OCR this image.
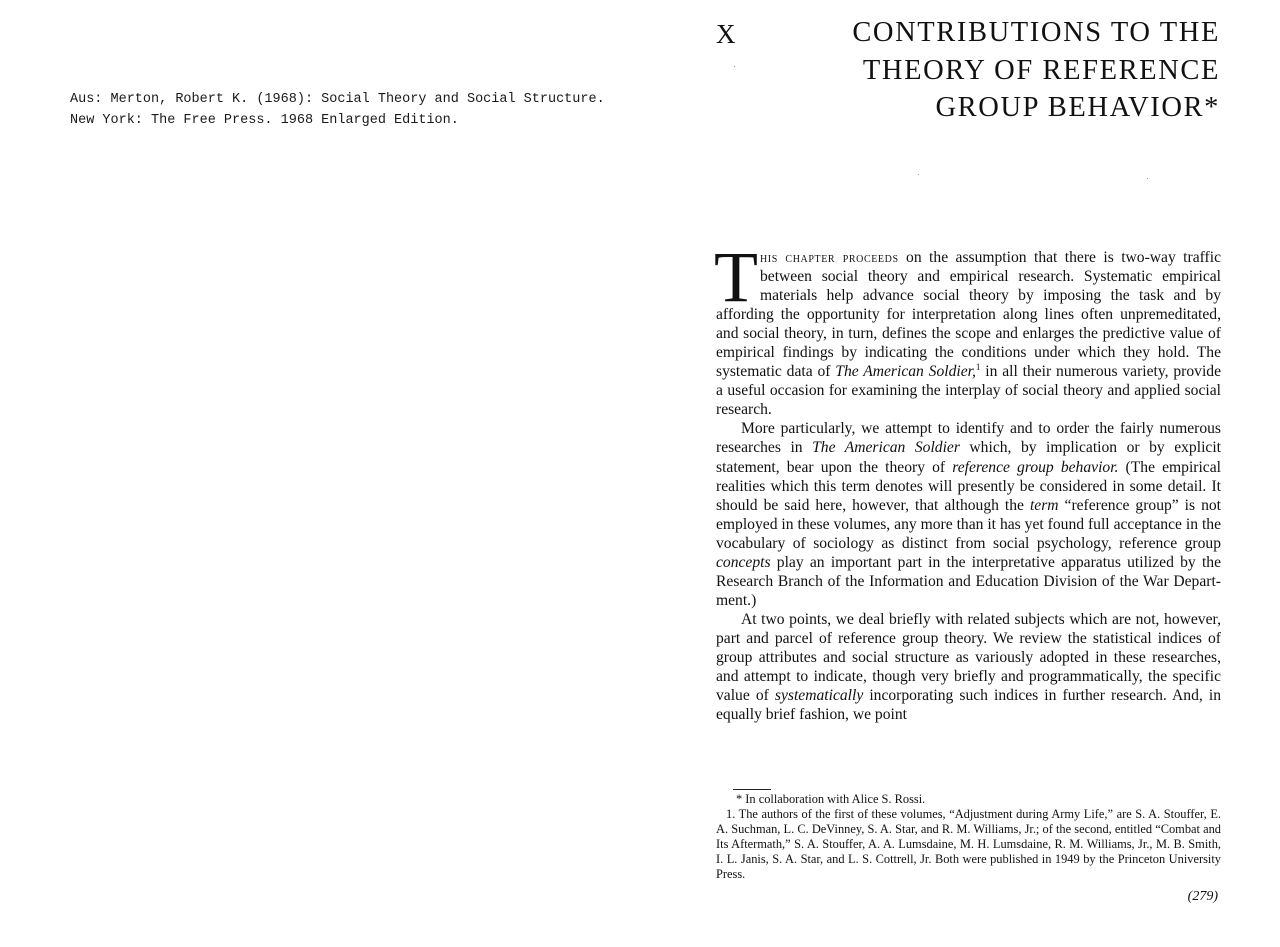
Aus: Merton, Robert K. (1968): Social Theory and Social Structure.
New York: The Free Press. 1968 Enlarged Edition.
X	CONTRIBUTIONS TO THE
THEORY OF REFERENCE
GROUP BEHAVIOR*

This chapter proceeds on the assumption that there is two-way traffic between social theory and empirical research. Systematic empirical materials help advance social theory by imposing the task and by affording the opportunity for interpretation along lines often unpremeditated, and social theory, in turn, defines the scope and enlarges the predictive value of empirical findings by indicating the conditions under which they hold. The systematic data of The American Soldier,$^1$ in all their numerous variety, provide a useful occasion for examining the interplay of social theory and applied social research.

More particularly, we attempt to identify and to order the fairly numerous researches in The American Soldier which, by implication or by explicit statement, bear upon the theory of reference group behavior. (The empirical realities which this term denotes will presently be considered in some detail. It should be said here, however, that although the term “reference group” is not employed in these volumes, any more than it has yet found full acceptance in the vocabulary of sociology as distinct from social psychology, reference group concepts play an important part in the interpretative apparatus utilized by the Research Branch of the Information and Education Division of the War Department.)

At two points, we deal briefly with related subjects which are not, however, part and parcel of reference group theory. We review the statistical indices of group attributes and social structure as variously adopted in these researches, and attempt to indicate, though very briefly and programmatically, the specific value of systematically incorporating such indices in further research. And, in equally brief fashion, we point

* In collaboration with Alice S. Rossi.

1. The authors of the first of these volumes, “Adjustment during Army Life,” are S. A. Stouffer, E. A. Suchman, L. C. DeVinney, S. A. Star, and R. M. Williams, Jr.; of the second, entitled “Combat and Its Aftermath,” S. A. Stouffer, A. A. Lumsdaine, M. H. Lumsdaine, R. M. Williams, Jr., M. B. Smith, I. L. Janis, S. A. Star, and L. S. Cottrell, Jr. Both were published in 1949 by the Princeton University Press.

(279)
